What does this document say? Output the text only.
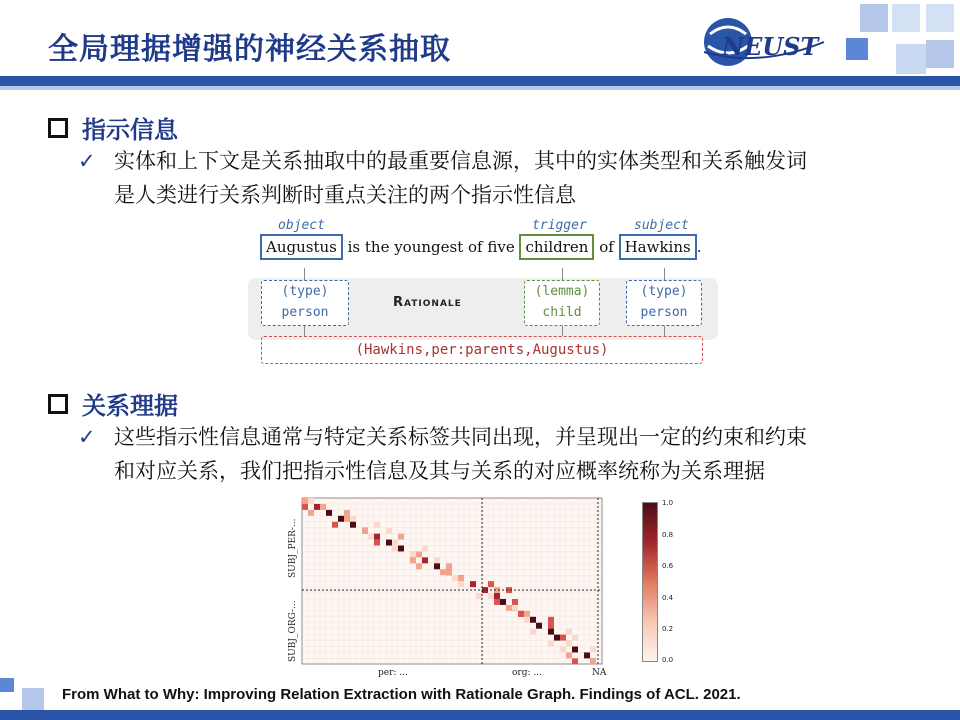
全局理据增强的神经关系抽取	NEUST
指示信息
✓ 实体和上下文是关系抽取中的最重要信息源，其中的实体类型和关系触发词
是人类进行关系判断时重点关注的两个指示性信息
object	trigger	subject
Augustus is the youngest of five children of Hawkins .
(type)
person
Rationale
(lemma)
child
(type)
person
(Hawkins,per:parents,Augustus)
关系理据
✓ 这些指示性信息通常与特定关系标签共同出现，并呈现出一定的约束和约束
和对应关系，我们把指示性信息及其与关系的对应概率统称为关系理据
SUBJ_PER-...
SUBJ_ORG-...
per: ...	org: ...	NA
1.0
0.8
0.6
0.4
0.2
0.0
From What to Why: Improving Relation Extraction with Rationale Graph. Findings of ACL. 2021.
